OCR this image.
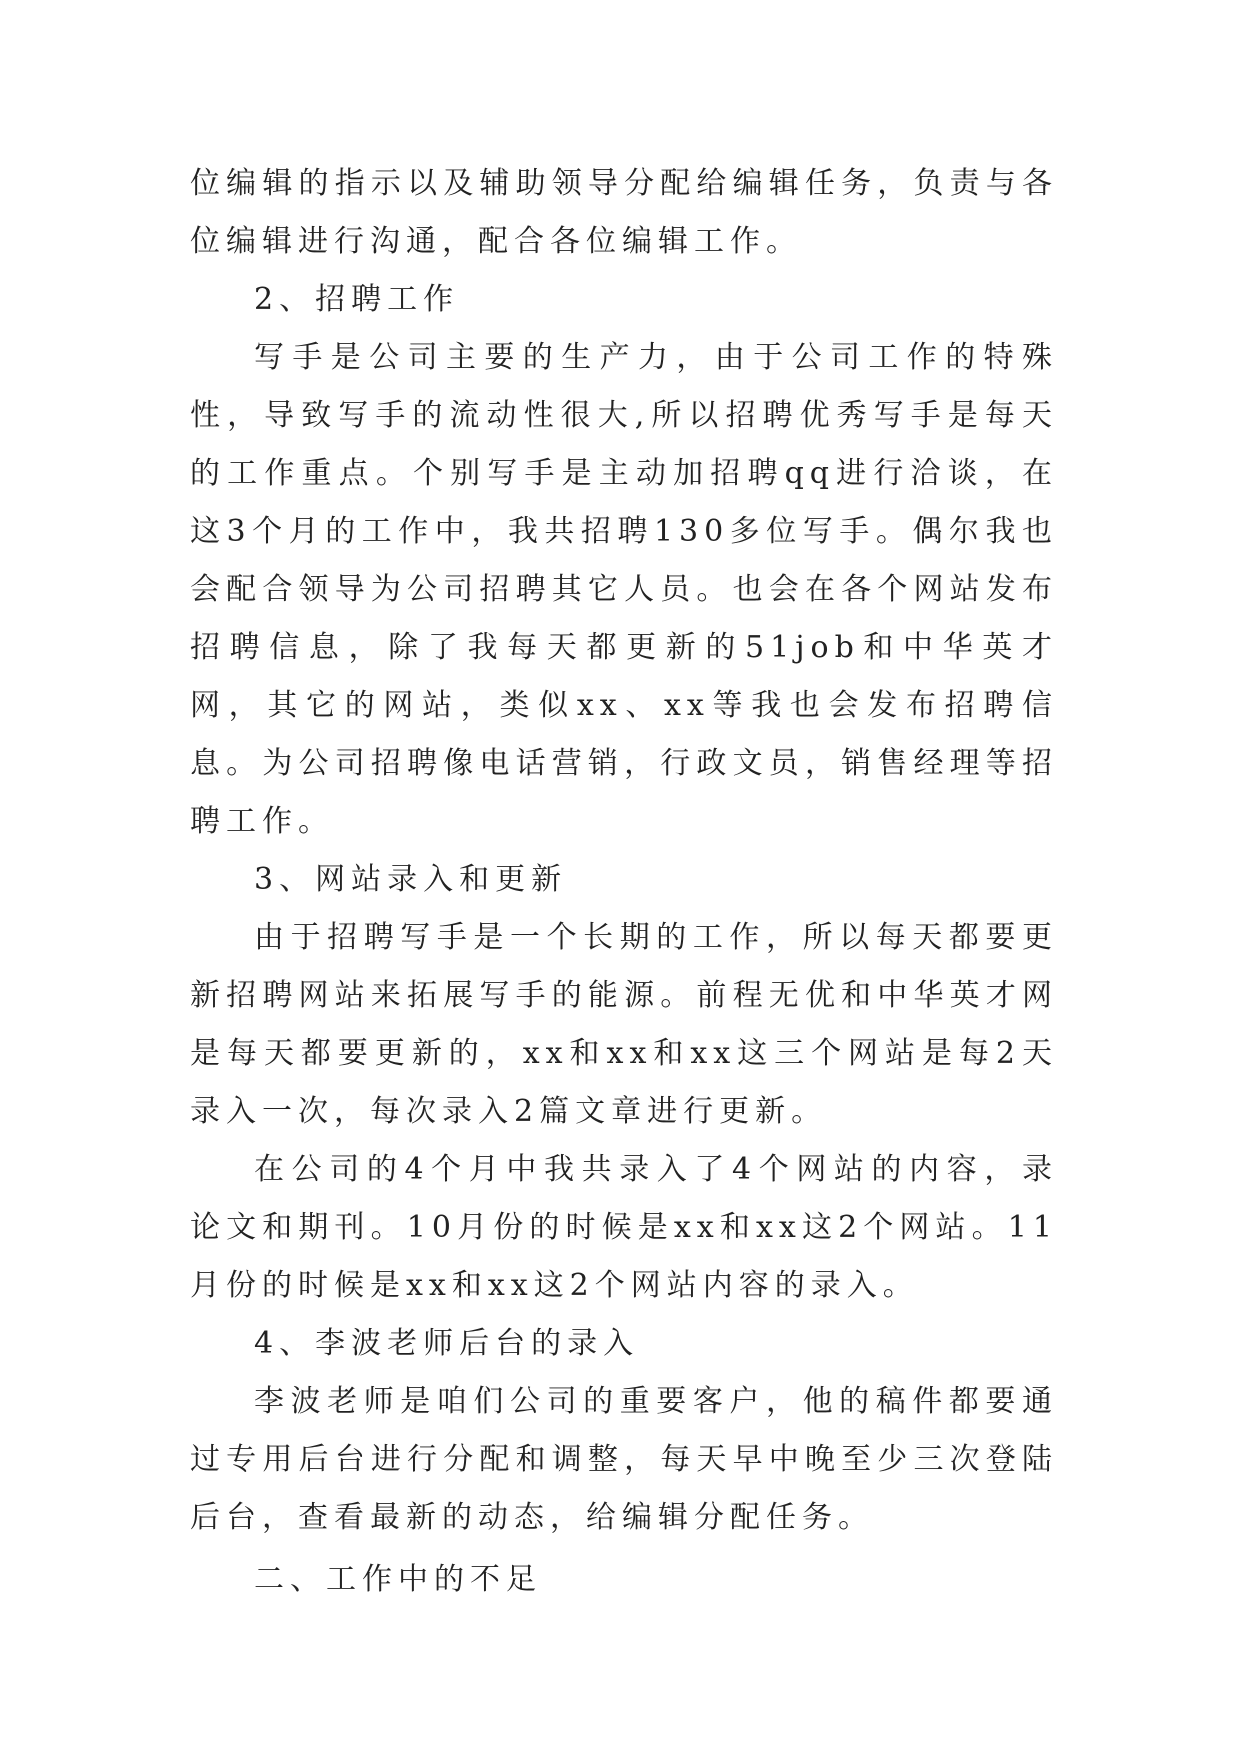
位编辑的指示以及辅助领导分配给编辑任务，负责与各位编辑进行沟通，配合各位编辑工作。

2、招聘工作

写手是公司主要的生产力，由于公司工作的特殊性，导致写手的流动性很大,所以招聘优秀写手是每天的工作重点。个别写手是主动加招聘qq进行洽谈，在这3个月的工作中，我共招聘130多位写手。偶尔我也会配合领导为公司招聘其它人员。也会在各个网站发布招聘信息，除了我每天都更新的51job和中华英才网，其它的网站，类似xx、xx等我也会发布招聘信息。为公司招聘像电话营销，行政文员，销售经理等招聘工作。

3、网站录入和更新

由于招聘写手是一个长期的工作，所以每天都要更新招聘网站来拓展写手的能源。前程无优和中华英才网是每天都要更新的，xx和xx和xx这三个网站是每2天录入一次，每次录入2篇文章进行更新。

在公司的4个月中我共录入了4个网站的内容，录论文和期刊。10月份的时候是xx和xx这2个网站。11月份的时候是xx和xx这2个网站内容的录入。

4、李波老师后台的录入

李波老师是咱们公司的重要客户，他的稿件都要通过专用后台进行分配和调整，每天早中晚至少三次登陆后台，查看最新的动态，给编辑分配任务。

二、工作中的不足
